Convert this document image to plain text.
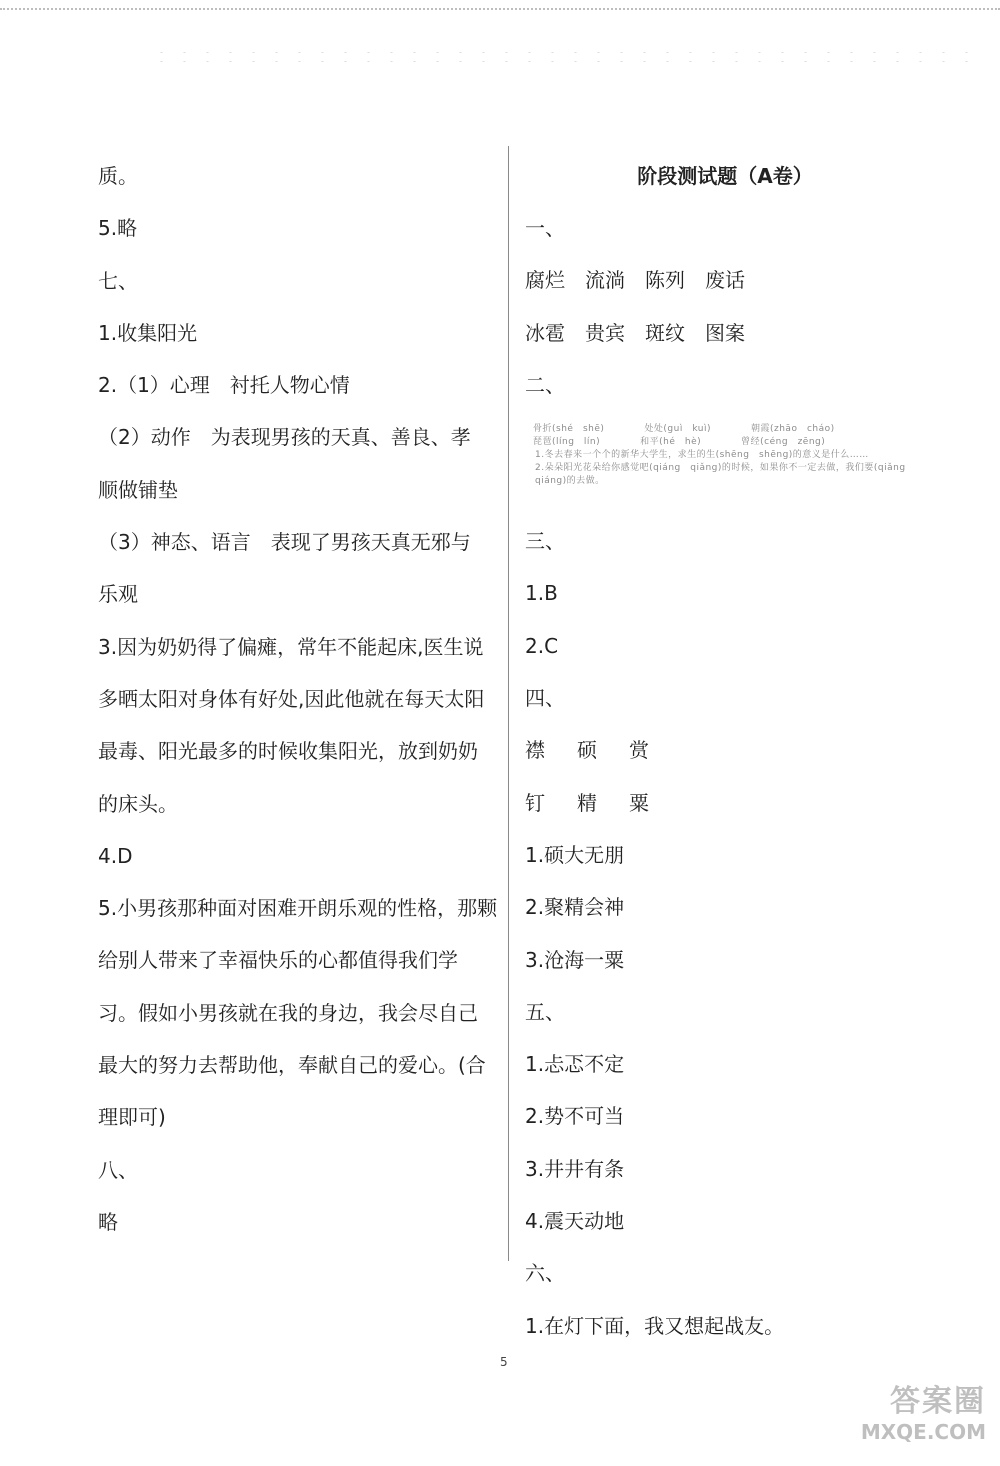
质。
5.略
七、
1.收集阳光
2.（1）心理　衬托人物心情
（2）动作　为表现男孩的天真、善良、孝
顺做铺垫
（3）神态、语言　表现了男孩天真无邪与
乐观
3.因为奶奶得了偏瘫，常年不能起床,医生说
多晒太阳对身体有好处,因此他就在每天太阳
最毒、阳光最多的时候收集阳光，放到奶奶
的床头。
4.D
5.小男孩那种面对困难开朗乐观的性格，那颗
给别人带来了幸福快乐的心都值得我们学
习。假如小男孩就在我的身边，我会尽自己
最大的努力去帮助他，奉献自己的爱心。(合
理即可)
八、
略
阶段测试题（A卷）
一、
腐烂　流淌　陈列　废话
冰雹　贵宾　斑纹　图案
二、
骨折(shé　shē)	处处(guì　kuì)	朝霞(zhāo　cháo)
琵琶(líng　lín)	和平(hé　hè)	曾经(céng　zēng)
1.冬去春来一个个的新华大学生，求生的生(shēng　shēng)的意义是什么……
2.朵朵阳光花朵给你感觉吧(qiáng　qiǎng)的时候，如果你不一定去做，我们要(qiǎng　qiáng)的去做。
三、
1.B
2.C
四、
襟 硕 赏
钉 精 粟
1.硕大无朋
2.聚精会神
3.沧海一粟
五、
1.忐忑不定
2.势不可当
3.井井有条
4.震天动地
六、
1.在灯下面，我又想起战友。
5
答案圈
MXQE.COM
